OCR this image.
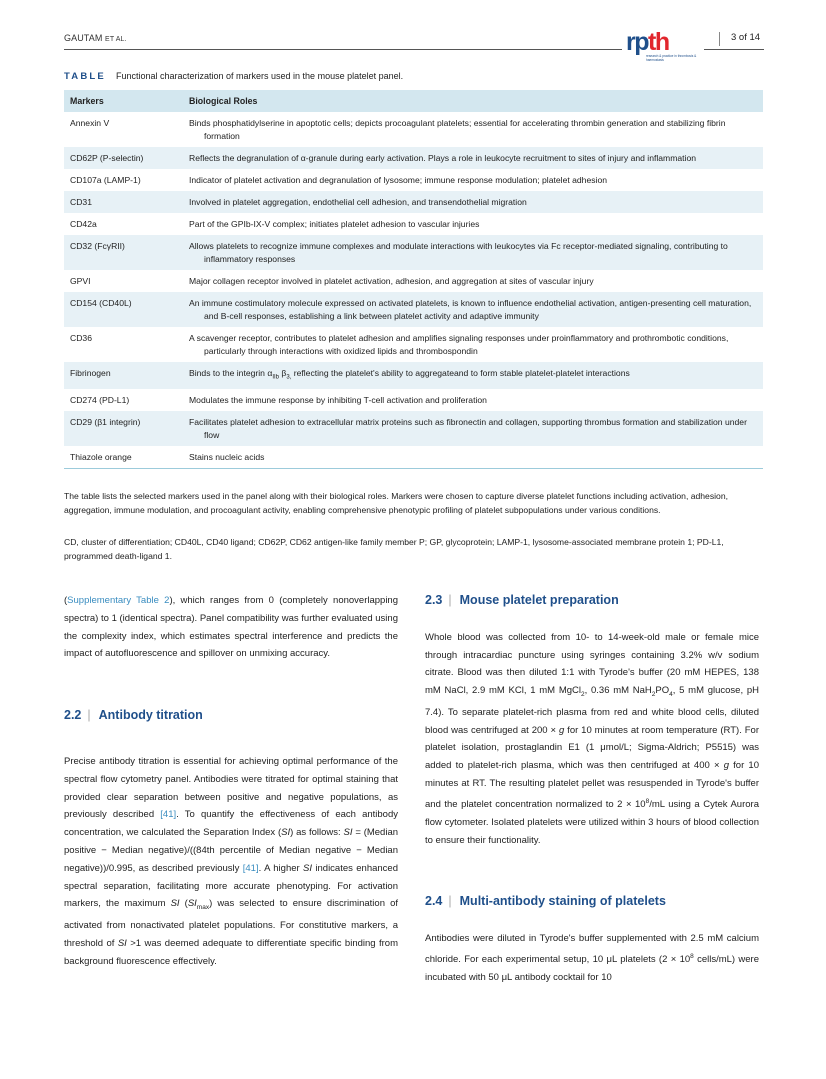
GAUTAM ET AL.	rpth
research & practice in thrombosis & haemostasis
3 of 14
TABLE Functional characterization of markers used in the mouse platelet panel.
Markers	Biological Roles
Annexin V	Binds phosphatidylserine in apoptotic cells; depicts procoagulant platelets; essential for accelerating thrombin generation and stabilizing fibrin formation

CD62P (P-selectin)	Reflects the degranulation of α-granule during early activation. Plays a role in leukocyte recruitment to sites of injury and inflammation

CD107a (LAMP-1)	Indicator of platelet activation and degranulation of lysosome; immune response modulation; platelet adhesion

CD31	Involved in platelet aggregation, endothelial cell adhesion, and transendothelial migration

CD42a	Part of the GPIb-IX-V complex; initiates platelet adhesion to vascular injuries

CD32 (FcγRII)	Allows platelets to recognize immune complexes and modulate interactions with leukocytes via Fc receptor-mediated signaling, contributing to inflammatory responses

GPVI	Major collagen receptor involved in platelet activation, adhesion, and aggregation at sites of vascular injury

CD154 (CD40L)	An immune costimulatory molecule expressed on activated platelets, is known to influence endothelial activation, antigen-presenting cell maturation, and B-cell responses, establishing a link between platelet activity and adaptive immunity

CD36	A scavenger receptor, contributes to platelet adhesion and amplifies signaling responses under proinflammatory and prothrombotic conditions, particularly through interactions with oxidized lipids and thrombospondin

Fibrinogen	Binds to the integrin $\alpha_{IIb}$ $\beta_{3,}$ reflecting the platelet's ability to aggregateand to form stable platelet-platelet interactions

CD274 (PD-L1)	Modulates the immune response by inhibiting T-cell activation and proliferation

CD29 (β1 integrin)	Facilitates platelet adhesion to extracellular matrix proteins such as fibronectin and collagen, supporting thrombus formation and stabilization under flow

Thiazole orange	Stains nucleic acids
The table lists the selected markers used in the panel along with their biological roles. Markers were chosen to capture diverse platelet functions including activation, adhesion, aggregation, immune modulation, and procoagulant activity, enabling comprehensive phenotypic profiling of platelet subpopulations under various conditions.
CD, cluster of differentiation; CD40L, CD40 ligand; CD62P, CD62 antigen-like family member P; GP, glycoprotein; LAMP-1, lysosome-associated membrane protein 1; PD-L1, programmed death-ligand 1.

(Supplementary Table 2), which ranges from 0 (completely nonoverlapping spectra) to 1 (identical spectra). Panel compatibility was further evaluated using the complexity index, which estimates spectral interference and predicts the impact of autofluorescence and spillover on unmixing accuracy.

2.2 | Antibody titration

Precise antibody titration is essential for achieving optimal performance of the spectral flow cytometry panel. Antibodies were titrated for optimal staining that provided clear separation between positive and negative populations, as previously described [41]. To quantify the effectiveness of each antibody concentration, we calculated the Separation Index (SI) as follows: SI = (Median positive − Median negative)/((84th percentile of Median negative − Median negative))/0.995, as described previously [41]. A higher SI indicates enhanced spectral separation, facilitating more accurate phenotyping. For activation markers, the maximum SI $(SI_{max})$ was selected to ensure discrimination of activated from nonactivated platelet populations. For constitutive markers, a threshold of SI >1 was deemed adequate to differentiate specific binding from background fluorescence effectively.

2.3 | Mouse platelet preparation

Whole blood was collected from 10- to 14-week-old male or female mice through intracardiac puncture using syringes containing 3.2% w/v sodium citrate. Blood was then diluted 1:1 with Tyrode's buffer (20 mM HEPES, 138 mM NaCl, 2.9 mM KCl, 1 mM MgCl$_2$, 0.36 mM $NaH_2PO_4$, 5 mM glucose, pH 7.4). To separate platelet-rich plasma from red and white blood cells, diluted blood was centrifuged at 200 × g for 10 minutes at room temperature (RT). For platelet isolation, prostaglandin E1 (1 μmol/L; Sigma-Aldrich; P5515) was added to platelet-rich plasma, which was then centrifuged at 400 × g for 10 minutes at RT. The resulting platelet pellet was resuspended in Tyrode's buffer and the platelet concentration normalized to $2 \times 10^8/mL$ using a Cytek Aurora flow cytometer. Isolated platelets were utilized within 3 hours of blood collection to ensure their functionality.

2.4 | Multi-antibody staining of platelets

Antibodies were diluted in Tyrode's buffer supplemented with 2.5 mM calcium chloride. For each experimental setup, 10 μL platelets ($2 \times 10^8$ cells/mL) were incubated with 50 μL antibody cocktail for 10
